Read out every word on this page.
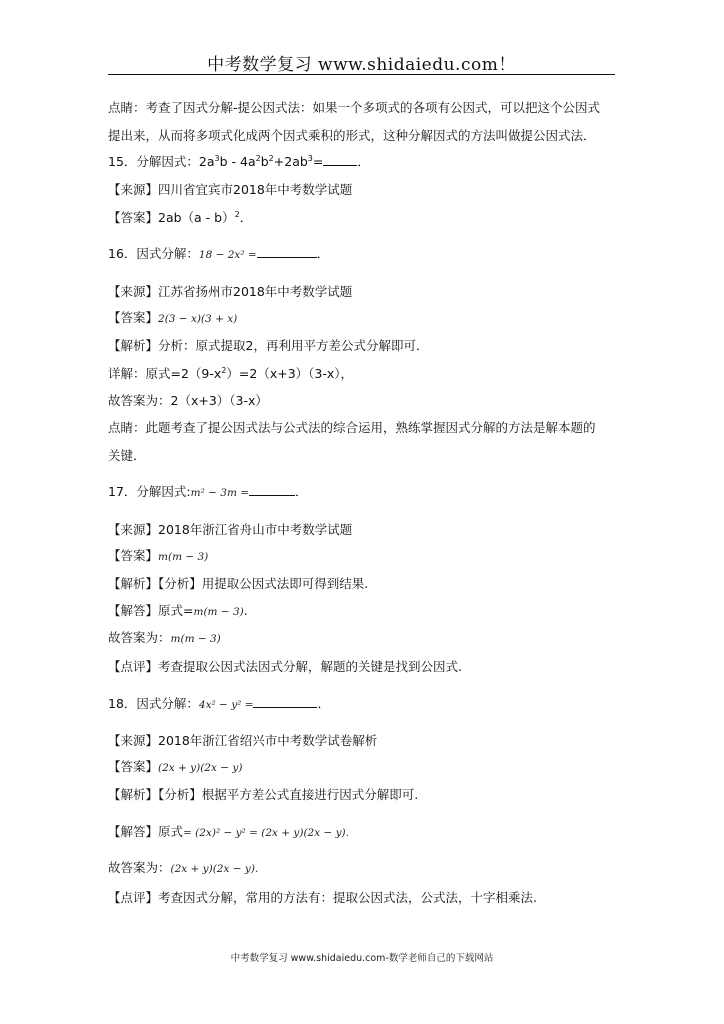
中考数学复习 www.shidaiedu.com！
点睛：考查了因式分解-提公因式法：如果一个多项式的各项有公因式，可以把这个公因式
提出来，从而将多项式化成两个因式乘积的形式，这种分解因式的方法叫做提公因式法．
15．分解因式：$2a^3b - 4a^2b^2+2ab^3=$	．
【来源】四川省宜宾市2018年中考数学试题
【答案】2ab（a - b）$^2$．
16．因式分解：18 − 2x² =	．
【来源】江苏省扬州市2018年中考数学试题
【答案】2(3 − x)(3 + x)
【解析】分析：原式提取2，再利用平方差公式分解即可．
详解：原式$=2(9-x^2)=2(x+3)(3-x)$，
故答案为：2（x+3）（3-x）
点睛：此题考查了提公因式法与公式法的综合运用，熟练掌握因式分解的方法是解本题的
关键．
17．分解因式:m² − 3m =	．
【来源】2018年浙江省舟山市中考数学试题
【答案】m(m − 3)
【解析】【分析】用提取公因式法即可得到结果.
【解答】原式=m(m − 3).
故答案为：m(m − 3)
【点评】考查提取公因式法因式分解，解题的关键是找到公因式.
18．因式分解：4x² − y² =	．
【来源】2018年浙江省绍兴市中考数学试卷解析
【答案】(2x + y)(2x − y)
【解析】【分析】根据平方差公式直接进行因式分解即可.
【解答】原式= (2x)² − y² = (2x + y)(2x − y).
故答案为：(2x + y)(2x − y).
【点评】考查因式分解，常用的方法有：提取公因式法，公式法，十字相乘法.
中考数学复习 www.shidaiedu.com-数学老师自己的下载网站
